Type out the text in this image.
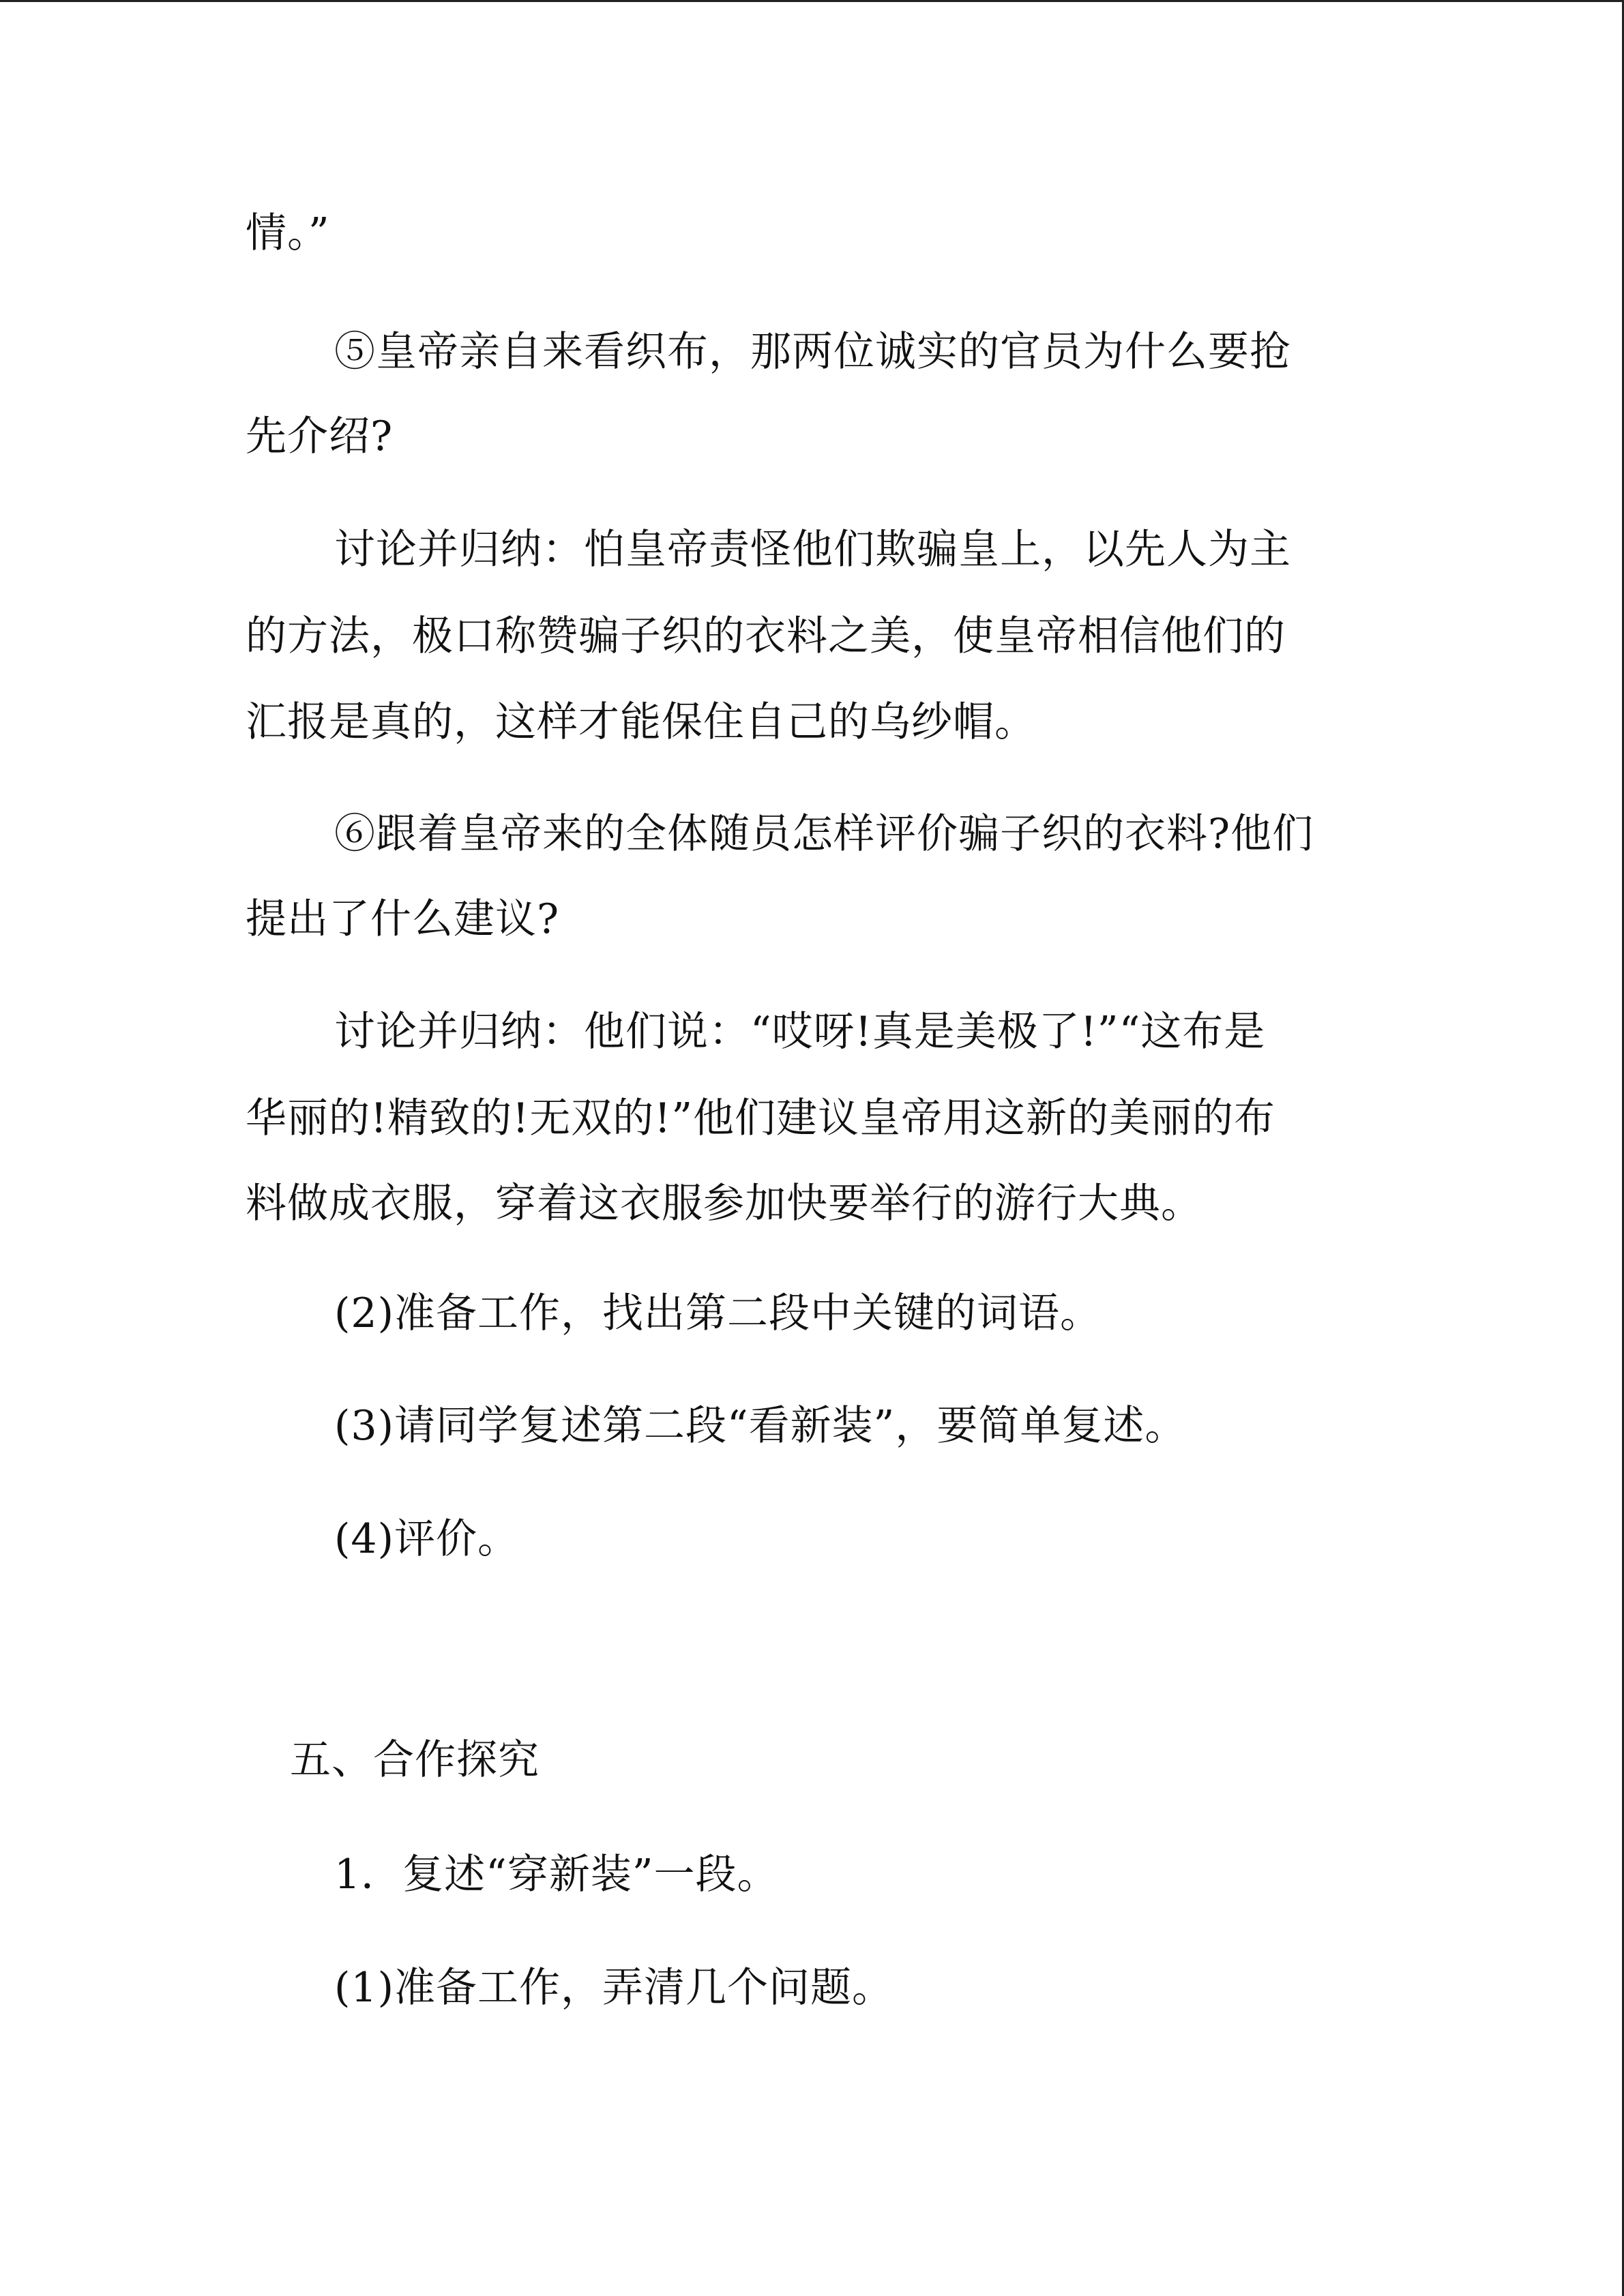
情。”
⑤皇帝亲自来看织布，那两位诚实的官员为什么要抢
先介绍?
讨论并归纳：怕皇帝责怪他们欺骗皇上，以先人为主
的方法，极口称赞骗子织的衣料之美，使皇帝相信他们的
汇报是真的，这样才能保住自己的乌纱帽。
⑥跟着皇帝来的全体随员怎样评价骗子织的衣料?他们
提出了什么建议?
讨论并归纳：他们说：“哎呀!真是美极了!”“这布是
华丽的!精致的!无双的!”他们建议皇帝用这新的美丽的布
料做成衣服，穿着这衣服参加快要举行的游行大典。
(2)准备工作，找出第二段中关键的词语。
(3)请同学复述第二段“看新装”，要简单复述。
(4)评价。
五、合作探究
1．复述“穿新装”一段。
(1)准备工作，弄清几个问题。
